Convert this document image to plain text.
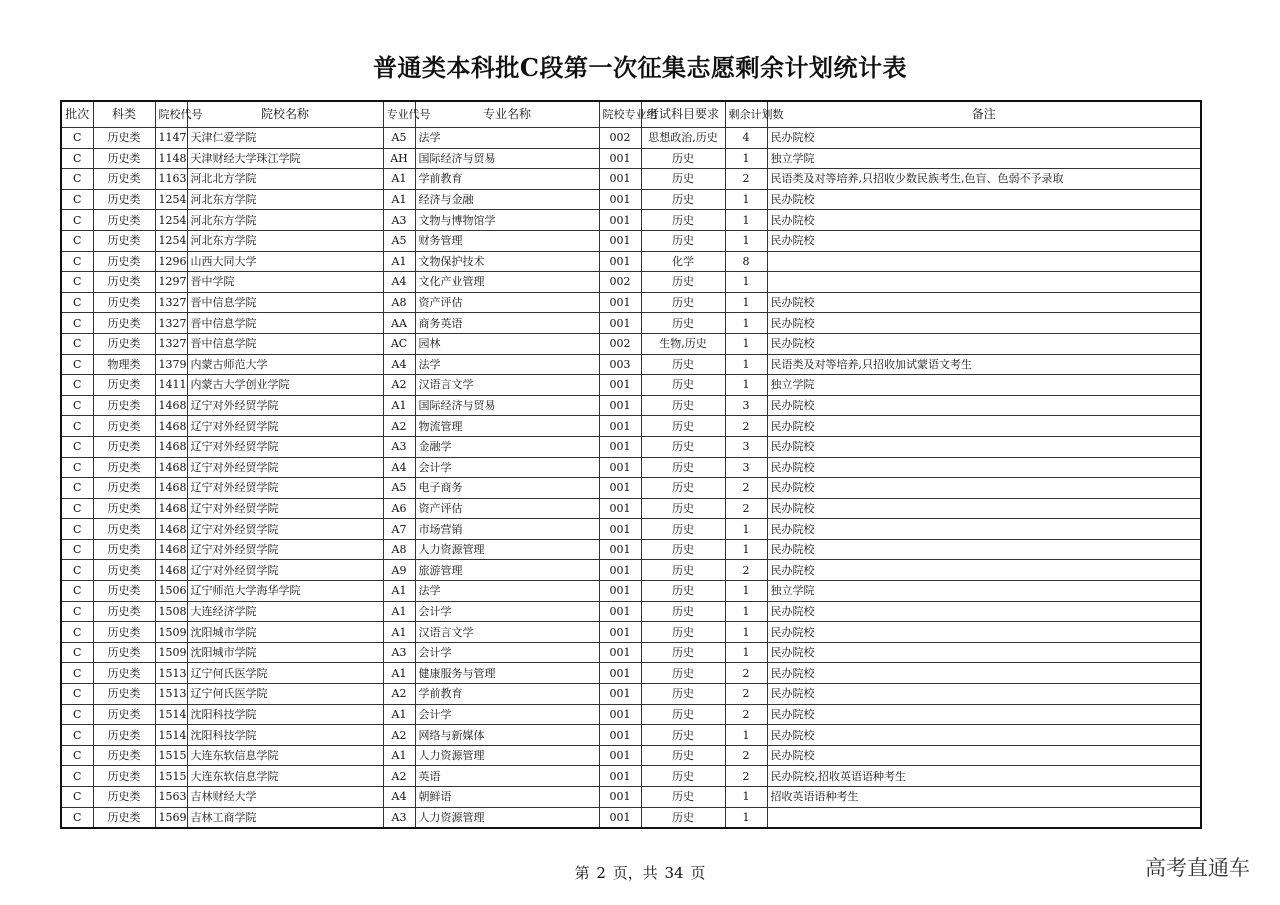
普通类本科批C段第一次征集志愿剩余计划统计表
批次	科类	院校代号	院校名称	专业代号	专业名称	院校专业组	考试科目要求	剩余计划数	备注
C	历史类	1147	天津仁爱学院	A5	法学	002	思想政治,历史	4	民办院校
C	历史类	1148	天津财经大学珠江学院	AH	国际经济与贸易	001	历史	1	独立学院
C	历史类	1163	河北北方学院	A1	学前教育	001	历史	2	民语类及对等培养,只招收少数民族考生,色盲、色弱不予录取
C	历史类	1254	河北东方学院	A1	经济与金融	001	历史	1	民办院校
C	历史类	1254	河北东方学院	A3	文物与博物馆学	001	历史	1	民办院校
C	历史类	1254	河北东方学院	A5	财务管理	001	历史	1	民办院校
C	历史类	1296	山西大同大学	A1	文物保护技术	001	化学	8	
C	历史类	1297	晋中学院	A4	文化产业管理	002	历史	1	
C	历史类	1327	晋中信息学院	A8	资产评估	001	历史	1	民办院校
C	历史类	1327	晋中信息学院	AA	商务英语	001	历史	1	民办院校
C	历史类	1327	晋中信息学院	AC	园林	002	生物,历史	1	民办院校
C	物理类	1379	内蒙古师范大学	A4	法学	003	历史	1	民语类及对等培养,只招收加试蒙语文考生
C	历史类	1411	内蒙古大学创业学院	A2	汉语言文学	001	历史	1	独立学院
C	历史类	1468	辽宁对外经贸学院	A1	国际经济与贸易	001	历史	3	民办院校
C	历史类	1468	辽宁对外经贸学院	A2	物流管理	001	历史	2	民办院校
C	历史类	1468	辽宁对外经贸学院	A3	金融学	001	历史	3	民办院校
C	历史类	1468	辽宁对外经贸学院	A4	会计学	001	历史	3	民办院校
C	历史类	1468	辽宁对外经贸学院	A5	电子商务	001	历史	2	民办院校
C	历史类	1468	辽宁对外经贸学院	A6	资产评估	001	历史	2	民办院校
C	历史类	1468	辽宁对外经贸学院	A7	市场营销	001	历史	1	民办院校
C	历史类	1468	辽宁对外经贸学院	A8	人力资源管理	001	历史	1	民办院校
C	历史类	1468	辽宁对外经贸学院	A9	旅游管理	001	历史	2	民办院校
C	历史类	1506	辽宁师范大学海华学院	A1	法学	001	历史	1	独立学院
C	历史类	1508	大连经济学院	A1	会计学	001	历史	1	民办院校
C	历史类	1509	沈阳城市学院	A1	汉语言文学	001	历史	1	民办院校
C	历史类	1509	沈阳城市学院	A3	会计学	001	历史	1	民办院校
C	历史类	1513	辽宁何氏医学院	A1	健康服务与管理	001	历史	2	民办院校
C	历史类	1513	辽宁何氏医学院	A2	学前教育	001	历史	2	民办院校
C	历史类	1514	沈阳科技学院	A1	会计学	001	历史	2	民办院校
C	历史类	1514	沈阳科技学院	A2	网络与新媒体	001	历史	1	民办院校
C	历史类	1515	大连东软信息学院	A1	人力资源管理	001	历史	2	民办院校
C	历史类	1515	大连东软信息学院	A2	英语	001	历史	2	民办院校,招收英语语种考生
C	历史类	1563	吉林财经大学	A4	朝鲜语	001	历史	1	招收英语语种考生
C	历史类	1569	吉林工商学院	A3	人力资源管理	001	历史	1	
第 2 页，共 34 页	高考直通车
